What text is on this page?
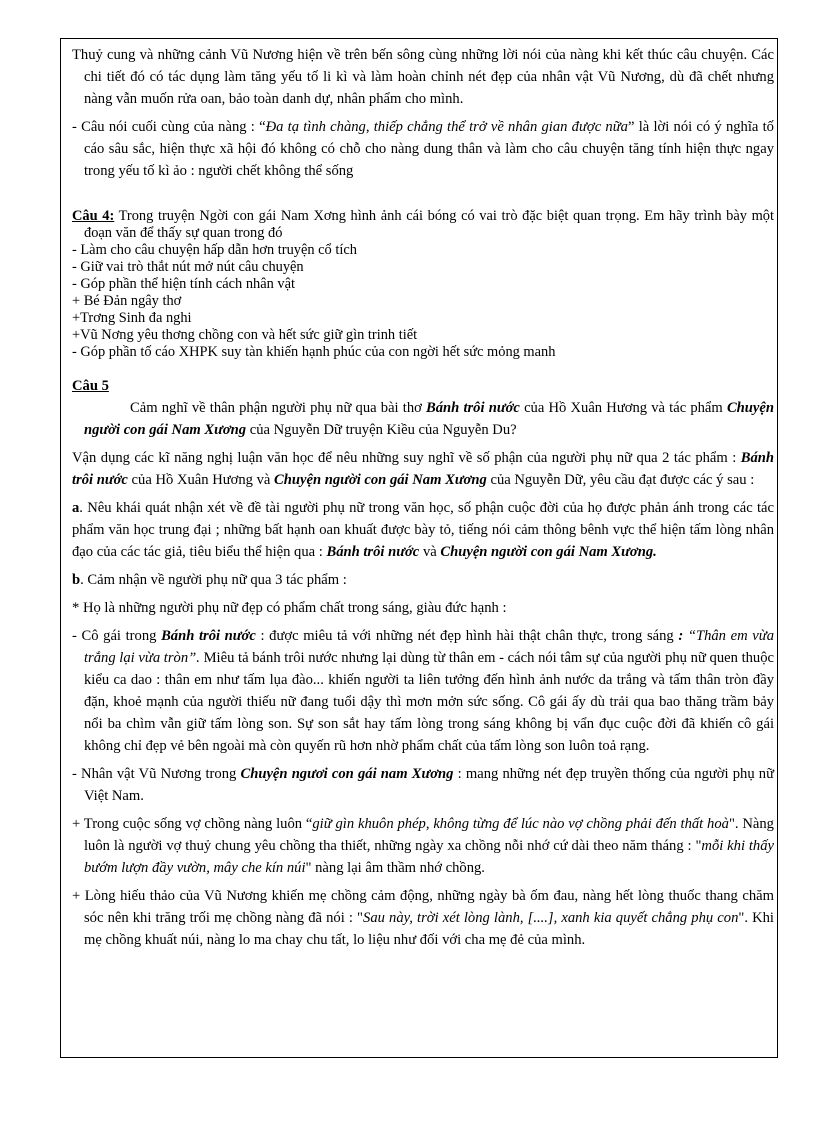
Thuỷ cung và những cảnh Vũ Nương hiện về trên bến sông cùng những lời nói của nàng khi kết thúc câu chuyện. Các chi tiết đó có tác dụng làm tăng yếu tố li kì và làm hoàn chỉnh nét đẹp của nhân vật Vũ Nương, dù đã chết nhưng nàng vẫn muốn rửa oan, bảo toàn danh dự, nhân phẩm cho mình.

- Câu nói cuối cùng của nàng : “Đa tạ tình chàng, thiếp chẳng thể trở về nhân gian được nữa” là lời nói có ý nghĩa tố cáo sâu sắc, hiện thực xã hội đó không có chỗ cho nàng dung thân và làm cho câu chuyện tăng tính hiện thực ngay trong yếu tố kì ảo : người chết không thể sống

Câu 4: Trong truyện Ngời con gái Nam Xơng hình ảnh cái bóng có vai trò đặc biệt quan trọng. Em hãy trình bày một đoạn văn để thấy sự quan trong đó

- Làm cho câu chuyện hấp dẫn hơn truyện cổ tích

- Giữ vai trò thắt nút mở nút câu chuyện

- Góp phần thể hiện tính cách nhân vật

+ Bé Đản ngây thơ

+Trơng Sinh đa nghi

+Vũ Nơng yêu thơng chồng con và hết sức giữ gìn trinh tiết

- Góp phần tố cáo XHPK suy tàn khiến hạnh phúc của con ngời hết sức mỏng manh

Câu 5

Cảm nghĩ về thân phận người phụ nữ qua bài thơ Bánh trôi nước của Hồ Xuân Hương và tác phẩm Chuyện người con gái Nam Xương của Nguyễn Dữ truyện Kiều của Nguyễn Du?

Vận dụng các kĩ năng nghị luận văn học để nêu những suy nghĩ về số phận của người phụ nữ qua 2 tác phẩm : Bánh trôi nước của Hồ Xuân Hương và Chuyện người con gái Nam Xương của Nguyễn Dữ, yêu cầu đạt được các ý sau :

a. Nêu khái quát nhận xét về đề tài người phụ nữ trong văn học, số phận cuộc đời của họ được phản ánh trong các tác phẩm văn học trung đại ; những bất hạnh oan khuất được bày tỏ, tiếng nói cảm thông bênh vực thể hiện tấm lòng nhân đạo của các tác giả, tiêu biểu thể hiện qua : Bánh trôi nước và Chuyện người con gái Nam Xương.

b. Cảm nhận về người phụ nữ qua 3 tác phẩm :

* Họ là những người phụ nữ đẹp có phẩm chất trong sáng, giàu đức hạnh :

- Cô gái trong Bánh trôi nước : được miêu tả với những nét đẹp hình hài thật chân thực, trong sáng : “Thân em vừa trắng lại vừa tròn”. Miêu tả bánh trôi nước nhưng lại dùng từ thân em - cách nói tâm sự của người phụ nữ quen thuộc kiểu ca dao : thân em như tấm lụa đào... khiến người ta liên tưởng đến hình ảnh nước da trắng và tấm thân tròn đầy đặn, khoẻ mạnh của người thiếu nữ đang tuổi dậy thì mơn mởn sức sống. Cô gái ấy dù trải qua bao thăng trầm bảy nổi ba chìm vẫn giữ tấm lòng son. Sự son sắt hay tấm lòng trong sáng không bị vẩn đục cuộc đời đã khiến cô gái không chỉ đẹp vẻ bên ngoài mà còn quyến rũ hơn nhờ phẩm chất của tấm lòng son luôn toả rạng.

- Nhân vật Vũ Nương trong Chuyện ngươi con gái nam Xương : mang những nét đẹp truyền thống của người phụ nữ Việt Nam.

+ Trong cuộc sống vợ chồng nàng luôn “giữ gìn khuôn phép, không từng để lúc nào vợ chồng phải đến thất hoà". Nàng luôn là người vợ thuỷ chung yêu chồng tha thiết, những ngày xa chồng nỗi nhớ cứ dài theo năm tháng : "mỗi khi thấy bướm lượn đầy vườn, mây che kín núi" nàng lại âm thầm nhớ chồng.

+ Lòng hiếu thảo của Vũ Nương khiến mẹ chồng cảm động, những ngày bà ốm đau, nàng hết lòng thuốc thang chăm sóc nên khi trăng trối mẹ chồng nàng đã nói : "Sau này, trời xét lòng lành, [....], xanh kia quyết chẳng phụ con". Khi mẹ chồng khuất núi, nàng lo ma chay chu tất, lo liệu như đối với cha mẹ đẻ của mình.
